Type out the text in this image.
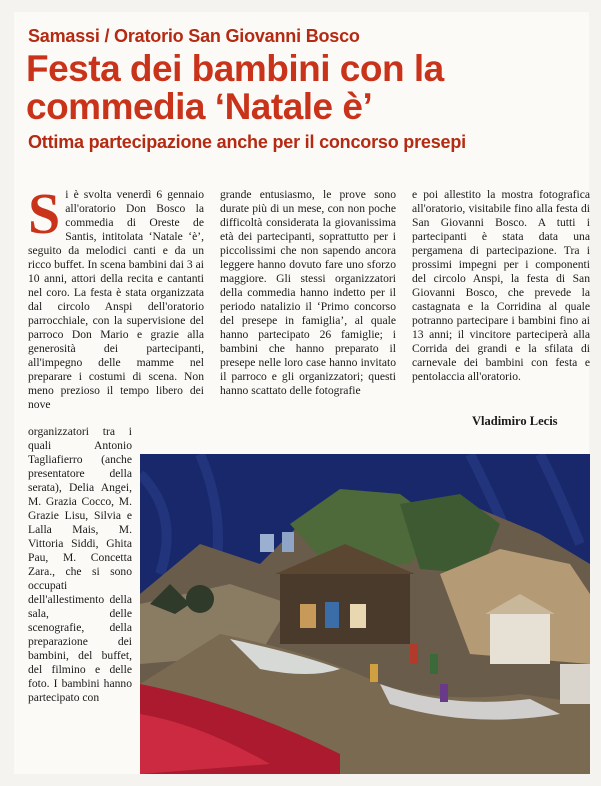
Samassi / Oratorio San Giovanni Bosco
Festa dei bambini con la commedia ‘Natale è’
Ottima partecipazione anche per il concorso presepi
S i è svolta venerdì 6 gennaio all'oratorio Don Bosco la commedia di Oreste de Santis, intitolata ‘Natale ‘è’, seguito da melodici canti e da un ricco buffet. In scena bambini dai 3 ai 10 anni, attori della recita e cantanti nel coro. La festa è stata organizzata dal circolo Anspi dell'oratorio parrocchiale, con la supervisione del parroco Don Mario e grazie alla generosità dei partecipanti, all'impegno delle mamme nel preparare i costumi di scena. Non meno prezioso il tempo libero dei nove
organizzatori tra i quali Antonio Tagliafierro (anche presentatore della serata), Delia Angei, M. Grazia Cocco, M. Grazie Lisu, Silvia e Lalla Mais, M. Vittoria Siddi, Ghita Pau, M. Concetta Zara., che si sono occupati dell'allestimento della sala, delle scenografie, della preparazione dei bambini, del buffet, del filmino e delle foto. I bambini hanno partecipato con
grande entusiasmo, le prove sono durate più di un mese, con non poche difficoltà considerata la giovanissima età dei partecipanti, soprattutto per i piccolissimi che non sapendo ancora leggere hanno dovuto fare uno sforzo maggiore. Gli stessi organizzatori della commedia hanno indetto per il periodo natalizio il ‘Primo concorso del presepe in famiglia’, al quale hanno partecipato 26 famiglie; i bambini che hanno preparato il presepe nelle loro case hanno invitato il parroco e gli organizzatori; questi hanno scattato delle fotografie
e poi allestito la mostra fotografica all'oratorio, visitabile fino alla festa di San Giovanni Bosco. A tutti i partecipanti è stata data una pergamena di partecipazione. Tra i prossimi impegni per i componenti del circolo Anspi, la festa di San Giovanni Bosco, che prevede la castagnata e la Corridina al quale potranno partecipare i bambini fino ai 13 anni; il vincitore parteciperà alla Corrida dei grandi e la sfilata di carnevale dei bambini con festa e pentolaccia all'oratorio.
Vladimiro Lecis
